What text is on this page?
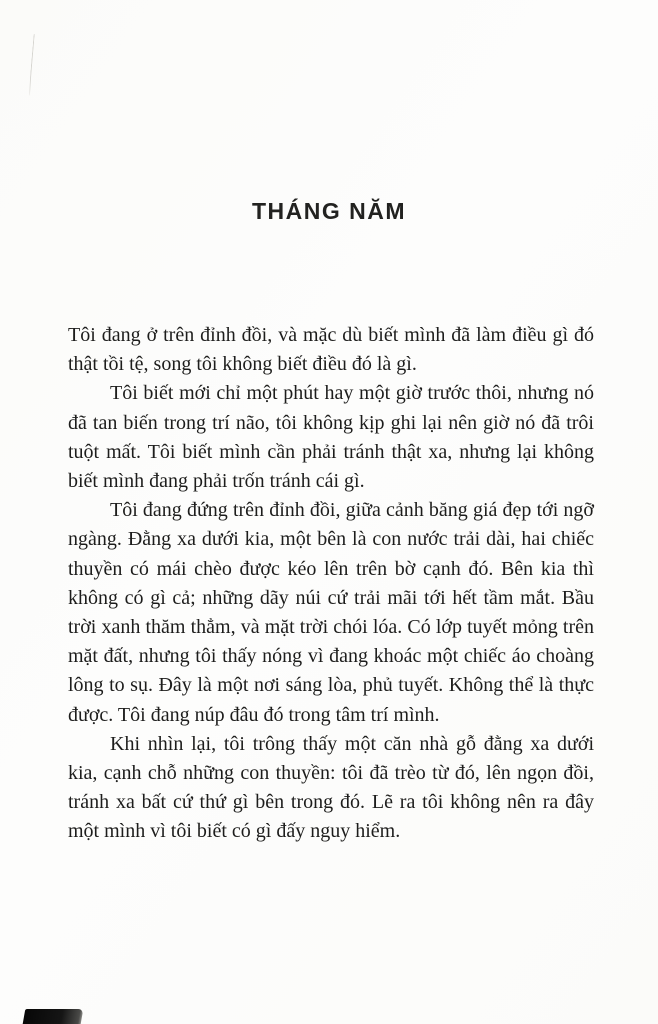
THÁNG NĂM

Tôi đang ở trên đỉnh đồi, và mặc dù biết mình đã làm điều gì đó thật tồi tệ, song tôi không biết điều đó là gì.

Tôi biết mới chỉ một phút hay một giờ trước thôi, nhưng nó đã tan biến trong trí não, tôi không kịp ghi lại nên giờ nó đã trôi tuột mất. Tôi biết mình cần phải tránh thật xa, nhưng lại không biết mình đang phải trốn tránh cái gì.

Tôi đang đứng trên đỉnh đồi, giữa cảnh băng giá đẹp tới ngỡ ngàng. Đằng xa dưới kia, một bên là con nước trải dài, hai chiếc thuyền có mái chèo được kéo lên trên bờ cạnh đó. Bên kia thì không có gì cả; những dãy núi cứ trải mãi tới hết tầm mắt. Bầu trời xanh thăm thẳm, và mặt trời chói lóa. Có lớp tuyết mỏng trên mặt đất, nhưng tôi thấy nóng vì đang khoác một chiếc áo choàng lông to sụ. Đây là một nơi sáng lòa, phủ tuyết. Không thể là thực được. Tôi đang núp đâu đó trong tâm trí mình.

Khi nhìn lại, tôi trông thấy một căn nhà gỗ đằng xa dưới kia, cạnh chỗ những con thuyền: tôi đã trèo từ đó, lên ngọn đồi, tránh xa bất cứ thứ gì bên trong đó. Lẽ ra tôi không nên ra đây một mình vì tôi biết có gì đấy nguy hiểm.
